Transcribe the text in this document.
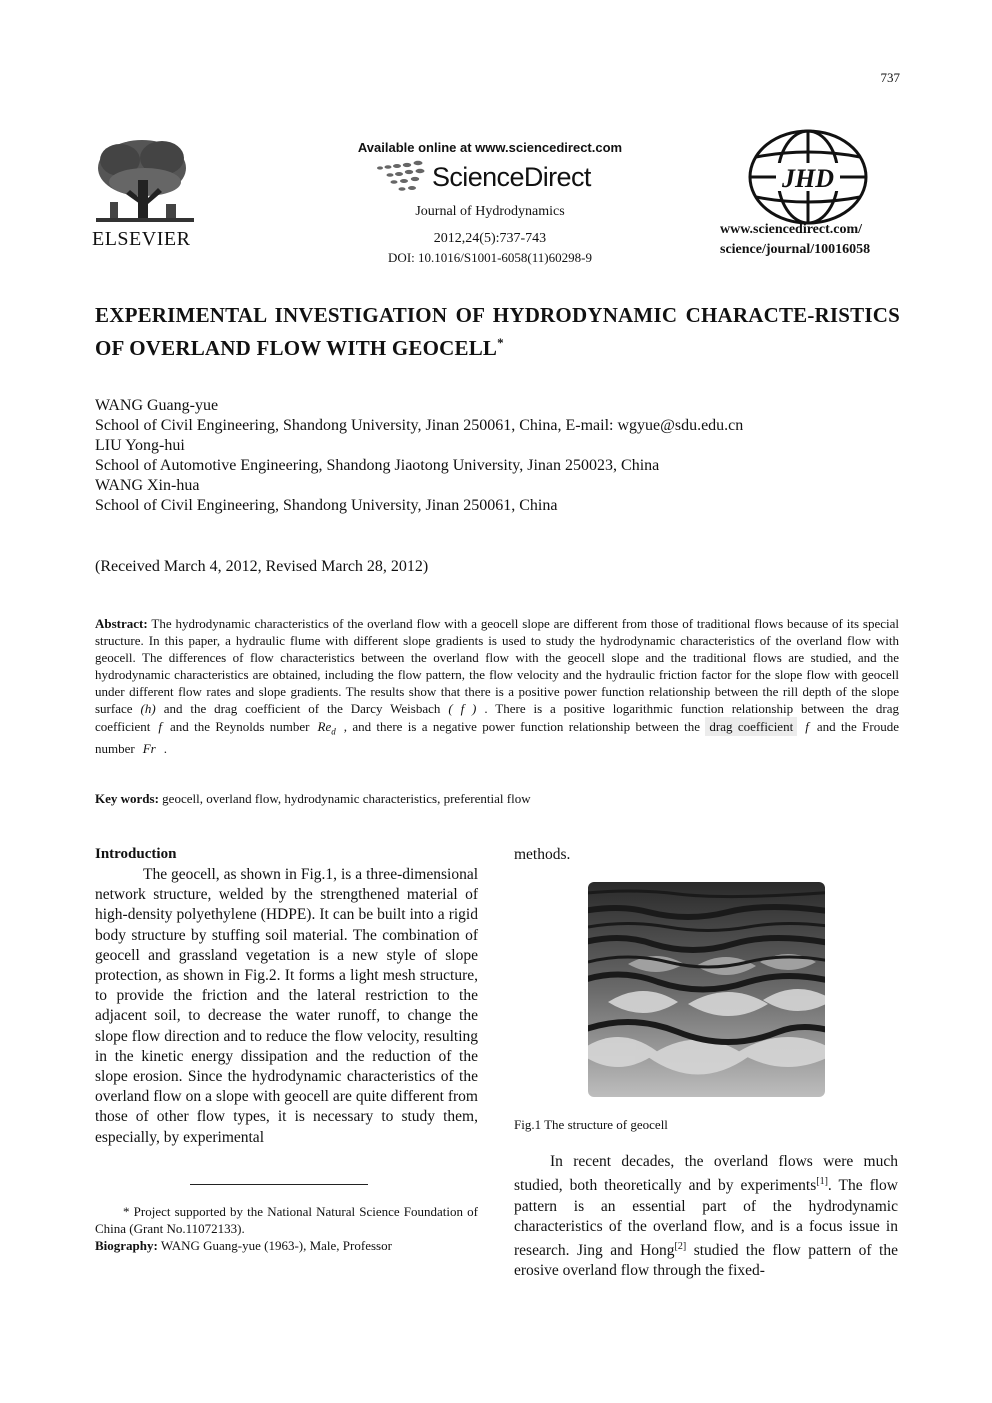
737
ELSEVIER
Available online at www.sciencedirect.com
ScienceDirect
Journal of Hydrodynamics
2012,24(5):737-743
DOI: 10.1016/S1001-6058(11)60298-9
JHD
www.sciencedirect.com/
science/journal/10016058
EXPERIMENTAL INVESTIGATION OF HYDRODYNAMIC CHARACTE-RISTICS OF OVERLAND FLOW WITH GEOCELL*
WANG Guang-yue
School of Civil Engineering, Shandong University, Jinan 250061, China, E-mail: wgyue@sdu.edu.cn
LIU Yong-hui
School of Automotive Engineering, Shandong Jiaotong University, Jinan 250023, China
WANG Xin-hua
School of Civil Engineering, Shandong University, Jinan 250061, China
(Received March 4, 2012, Revised March 28, 2012)
Abstract: The hydrodynamic characteristics of the overland flow with a geocell slope are different from those of traditional flows because of its special structure. In this paper, a hydraulic flume with different slope gradients is used to study the hydrodynamic characteristics of the overland flow with geocell. The differences of flow characteristics between the overland flow with the geocell slope and the traditional flows are studied, and the hydrodynamic characteristics are obtained, including the flow pattern, the flow velocity and the hydraulic friction factor for the slope flow with geocell under different flow rates and slope gradients. The results show that there is a positive power function relationship between the rill depth of the slope surface (h) and the drag coefficient of the Darcy Weisbach ( f ) . There is a positive logarithmic function relationship between the drag coefficient f and the Reynolds number $Re_d$ , and there is a negative power function relationship between the drag coefficient f and the Froude number Fr .
Key words: geocell, overland flow, hydrodynamic characteristics, preferential flow
Introduction

The geocell, as shown in Fig.1, is a three-dimensional network structure, welded by the strengthened material of high-density polyethylene (HDPE). It can be built into a rigid body structure by stuffing soil material. The combination of geocell and grassland vegetation is a new style of slope protection, as shown in Fig.2. It forms a light mesh structure, to provide the friction and the lateral restriction to the adjacent soil, to decrease the water runoff, to change the slope flow direction and to reduce the flow velocity, resulting in the kinetic energy dissipation and the reduction of the slope erosion. Since the hydrodynamic characteristics of the overland flow on a slope with geocell are quite different from those of other flow types, it is necessary to study them, especially, by experimental

* Project supported by the National Natural Science Foundation of China (Grant No.11072133).

Biography: WANG Guang-yue (1963-), Male, Professor
methods.
Fig.1 The structure of geocell

In recent decades, the overland flows were much studied, both theoretically and by experiments[1]. The flow pattern is an essential part of the hydrodynamic characteristics of the overland flow, and is a focus issue in research. Jing and Hong[2] studied the flow pattern of the erosive overland flow through the fixed-
